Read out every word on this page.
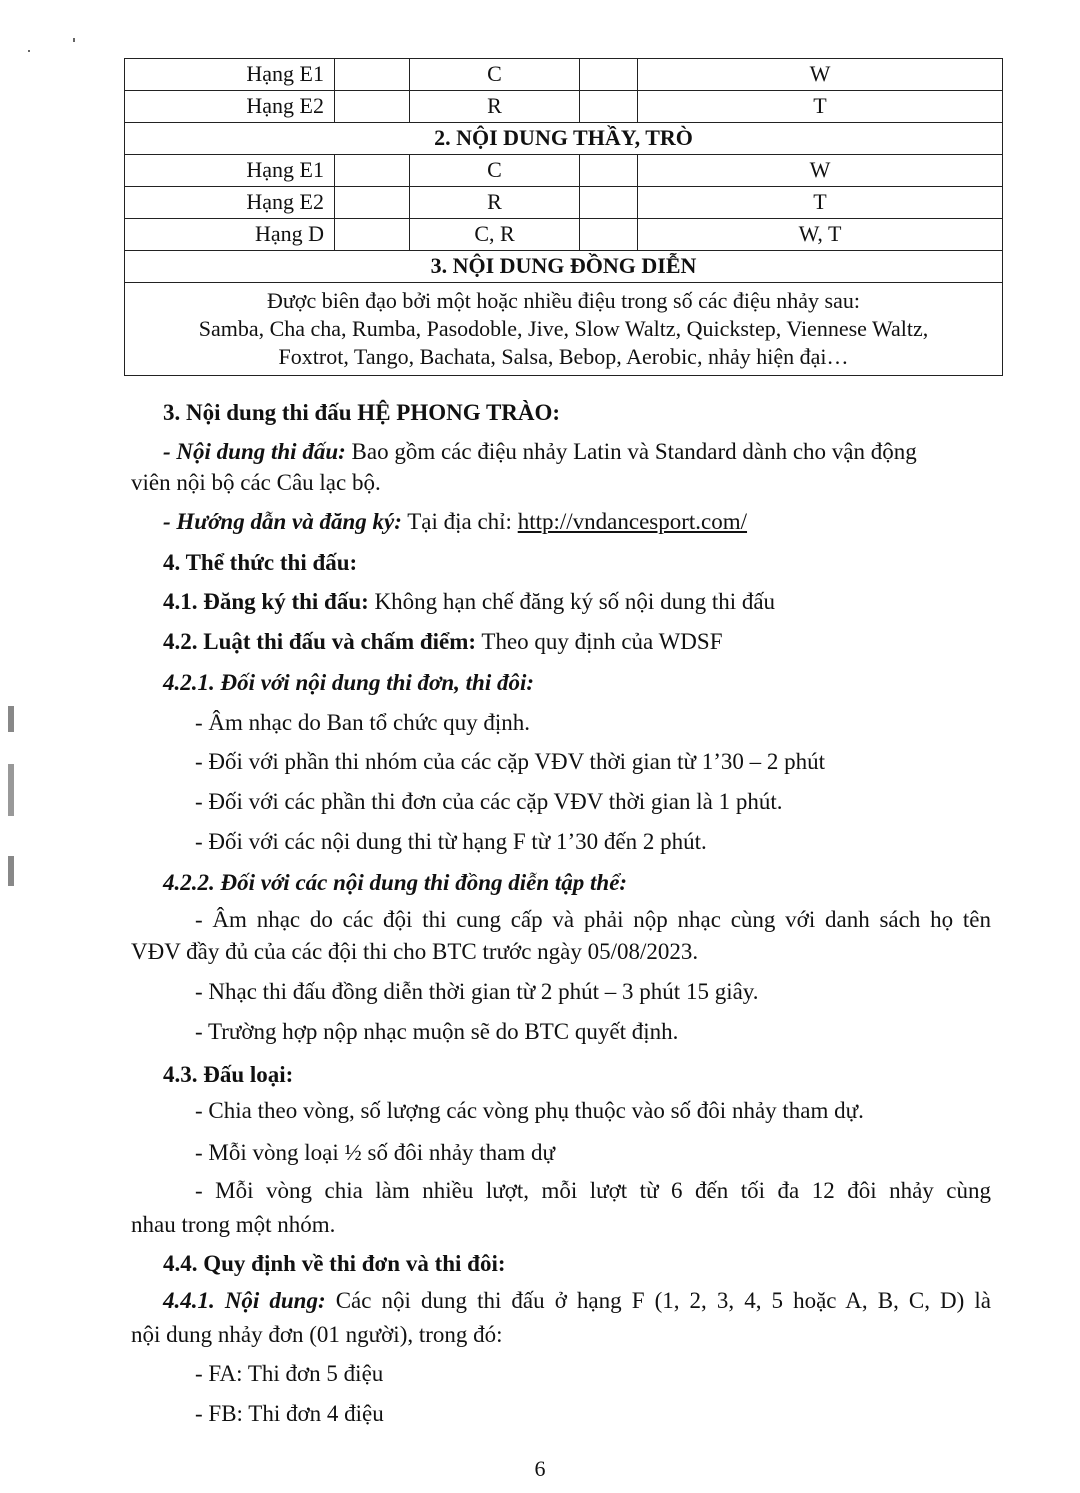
Hạng E1		C		W
Hạng E2		R		T
2. NỘI DUNG THẦY, TRÒ				
Hạng E1		C		W
Hạng E2		R		T
Hạng D		C, R		W, T
3. NỘI DUNG ĐỒNG DIỄN				

Được biên đạo bởi một hoặc nhiều điệu trong số các điệu nhảy sau:
Samba, Cha cha, Rumba, Pasodoble, Jive, Slow Waltz, Quickstep, Viennese Waltz,
Foxtrot, Tango, Bachata, Salsa, Bebop, Aerobic, nhảy hiện đại…				
3. Nội dung thi đấu HỆ PHONG TRÀO:
- Nội dung thi đấu: Bao gồm các điệu nhảy Latin và Standard dành cho vận động
viên nội bộ các Câu lạc bộ.
- Hướng dẫn và đăng ký: Tại địa chỉ: http://vndancesport.com/
4. Thể thức thi đấu:
4.1. Đăng ký thi đấu: Không hạn chế đăng ký số nội dung thi đấu
4.2. Luật thi đấu và chấm điểm: Theo quy định của WDSF
4.2.1. Đối với nội dung thi đơn, thi đôi:
- Âm nhạc do Ban tổ chức quy định.
- Đối với phần thi nhóm của các cặp VĐV thời gian từ 1’30 – 2 phút
- Đối với các phần thi đơn của các cặp VĐV thời gian là 1 phút.
- Đối với các nội dung thi từ hạng F từ 1’30 đến 2 phút.
4.2.2. Đối với các nội dung thi đồng diễn tập thể:
- Âm nhạc do các đội thi cung cấp và phải nộp nhạc cùng với danh sách họ tên
VĐV đầy đủ của các đội thi cho BTC trước ngày 05/08/2023.
- Nhạc thi đấu đồng diễn thời gian từ 2 phút – 3 phút 15 giây.
- Trường hợp nộp nhạc muộn sẽ do BTC quyết định.
4.3. Đấu loại:
- Chia theo vòng, số lượng các vòng phụ thuộc vào số đôi nhảy tham dự.
- Mỗi vòng loại ½ số đôi nhảy tham dự
- Mỗi vòng chia làm nhiều lượt, mỗi lượt từ 6 đến tối đa 12 đôi nhảy cùng
nhau trong một nhóm.
4.4. Quy định về thi đơn và thi đôi:
4.4.1. Nội dung: Các nội dung thi đấu ở hạng F (1, 2, 3, 4, 5 hoặc A, B, C, D) là
nội dung nhảy đơn (01 người), trong đó:
- FA: Thi đơn 5 điệu
- FB: Thi đơn 4 điệu
6
